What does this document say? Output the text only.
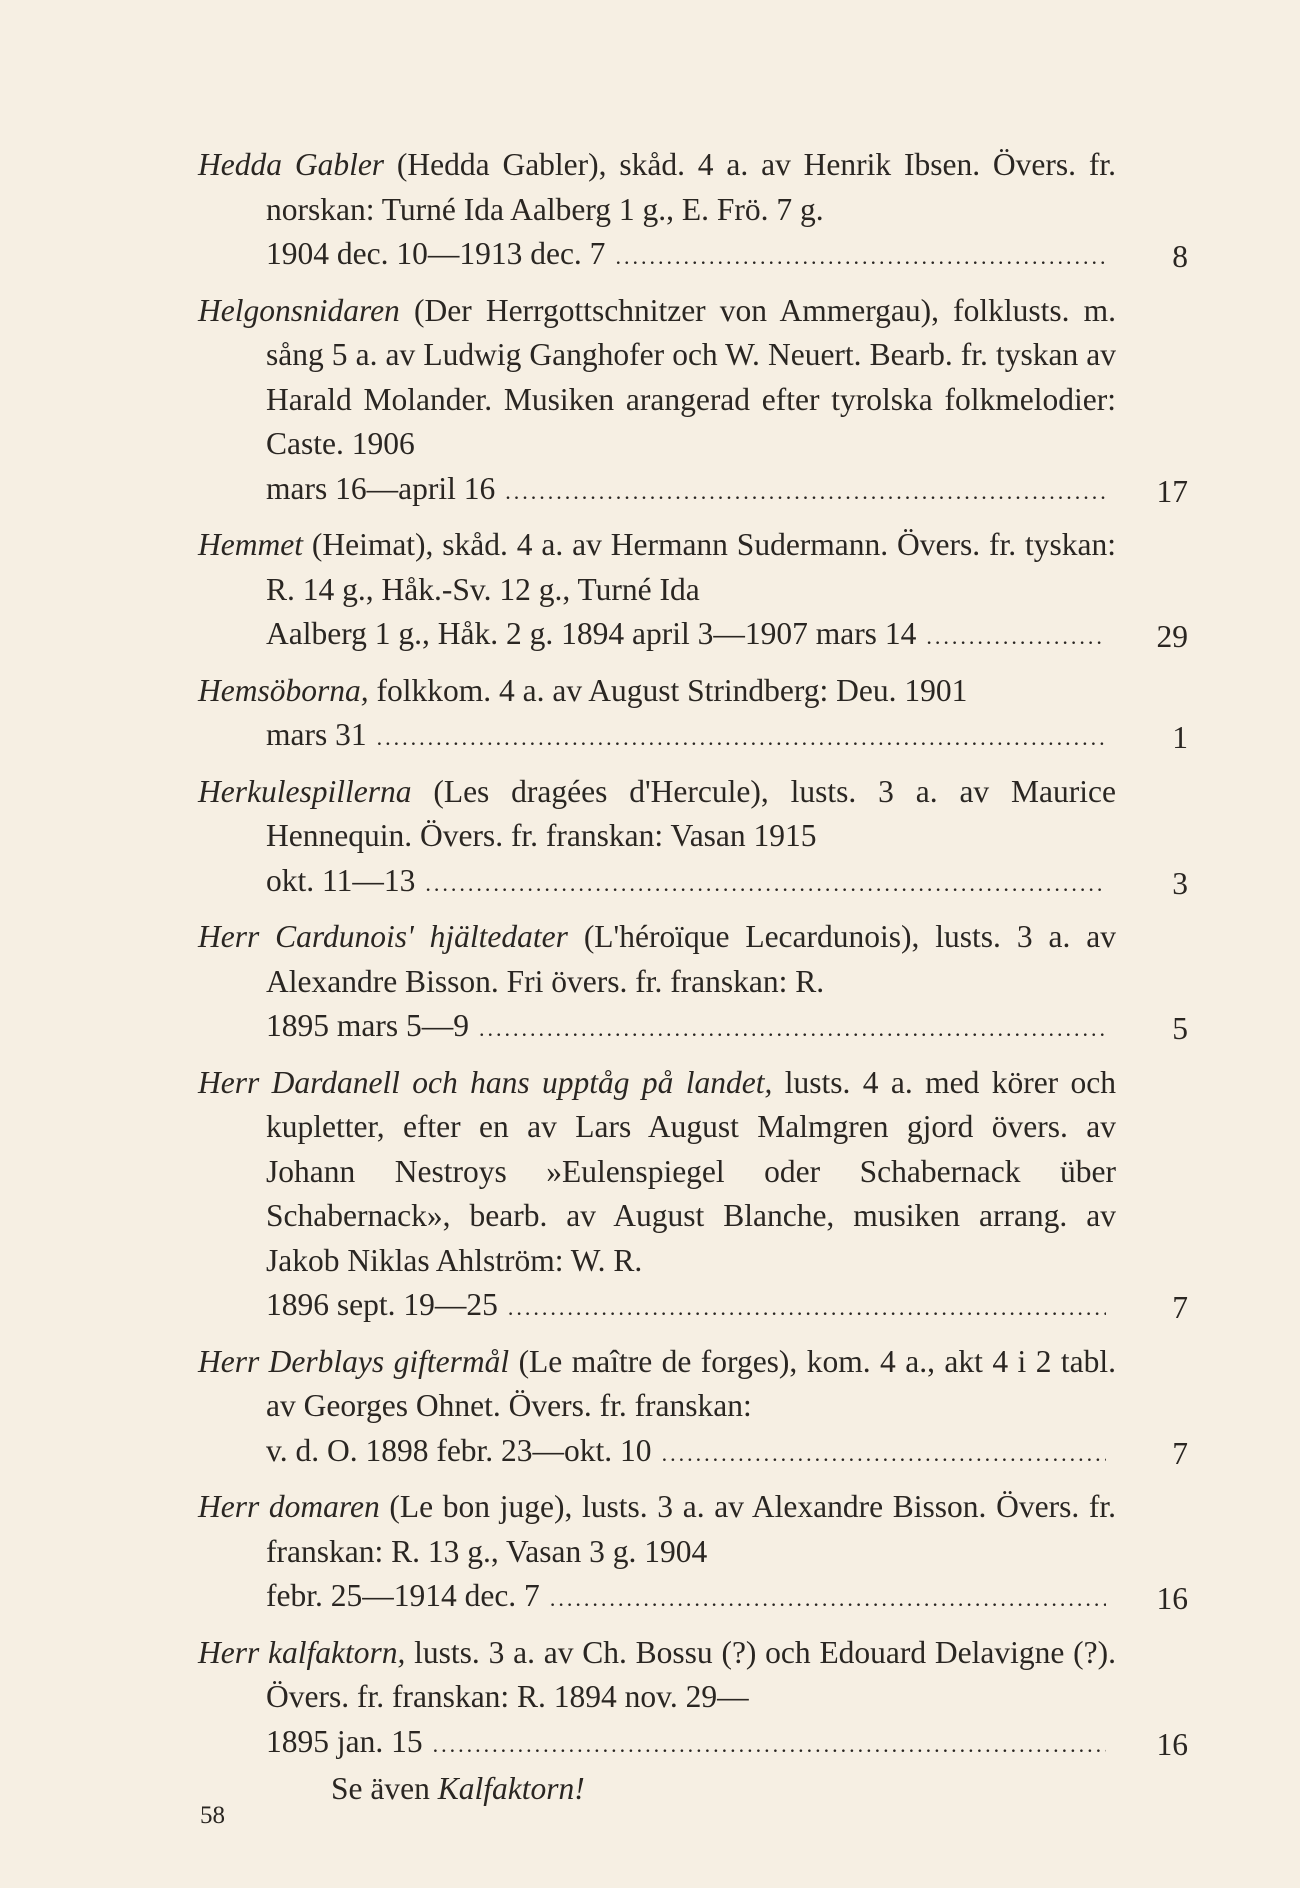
Hedda Gabler (Hedda Gabler), skåd. 4 a. av Henrik Ibsen. Övers. fr. norskan: Turné Ida Aalberg 1 g., E. Frö. 7 g.
1904 dec. 10—1913 dec. 7 .....	8
Helgonsnidaren (Der Herrgottschnitzer von Ammergau), folklusts. m. sång 5 a. av Ludwig Ganghofer och W. Neuert. Bearb. fr. tyskan av Harald Molander. Musiken arangerad efter tyrolska folkmelodier: Caste. 1906
mars 16—april 16 .....	17
Hemmet (Heimat), skåd. 4 a. av Hermann Sudermann. Övers. fr. tyskan: R. 14 g., Håk.-Sv. 12 g., Turné Ida
Aalberg 1 g., Håk. 2 g. 1894 april 3—1907 mars 14 .....	29
Hemsöborna, folkkom. 4 a. av August Strindberg: Deu. 1901
mars 31 .....	1
Herkulespillerna (Les dragées d'Hercule), lusts. 3 a. av Maurice Hennequin. Övers. fr. franskan: Vasan 1915
okt. 11—13 .....	3
Herr Cardunois' hjältedater (L'héroïque Lecardunois), lusts. 3 a. av Alexandre Bisson. Fri övers. fr. franskan: R.
1895 mars 5—9 .....	5
Herr Dardanell och hans upptåg på landet, lusts. 4 a. med körer och kupletter, efter en av Lars August Malmgren gjord övers. av Johann Nestroys »Eulenspiegel oder Schabernack über Schabernack», bearb. av August Blanche, musiken arrang. av Jakob Niklas Ahlström: W. R.
1896 sept. 19—25 .....	7
Herr Derblays giftermål (Le maître de forges), kom. 4 a., akt 4 i 2 tabl. av Georges Ohnet. Övers. fr. franskan:
v. d. O. 1898 febr. 23—okt. 10 .....	7
Herr domaren (Le bon juge), lusts. 3 a. av Alexandre Bisson. Övers. fr. franskan: R. 13 g., Vasan 3 g. 1904
febr. 25—1914 dec. 7 .....	16
Herr kalfaktorn, lusts. 3 a. av Ch. Bossu (?) och Edouard Delavigne (?). Övers. fr. franskan: R. 1894 nov. 29—
1895 jan. 15 .....	16
Se även Kalfaktorn!
58
